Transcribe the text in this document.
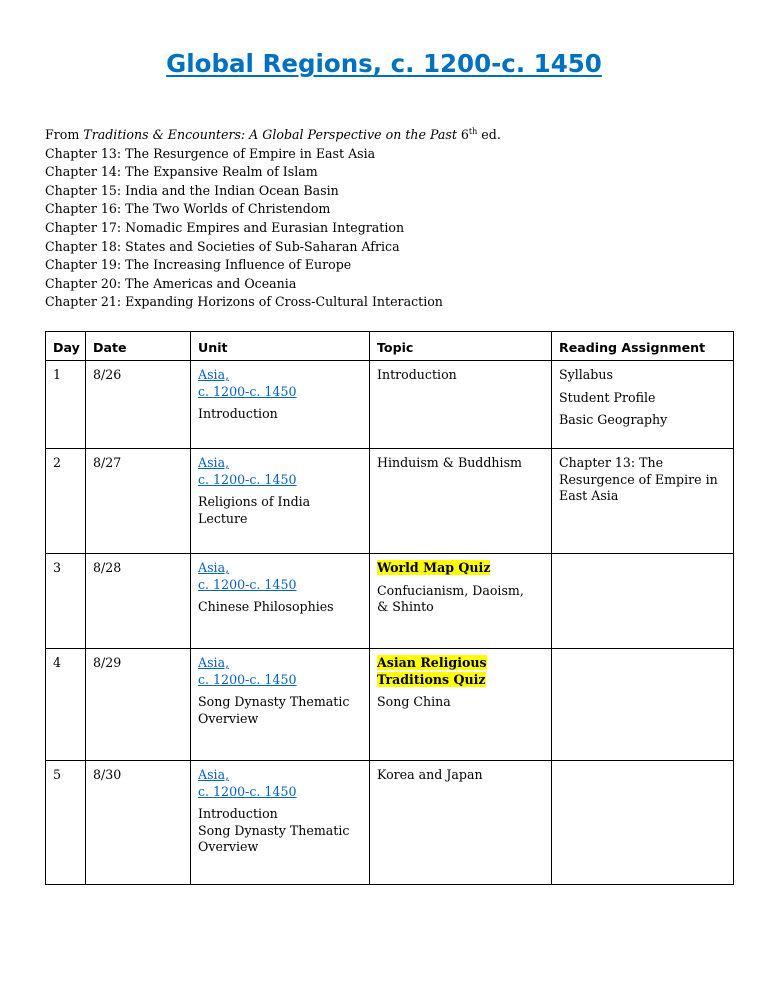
Global Regions, c. 1200-c. 1450
From Traditions & Encounters: A Global Perspective on the Past 6th ed.
Chapter 13: The Resurgence of Empire in East Asia
Chapter 14: The Expansive Realm of Islam
Chapter 15: India and the Indian Ocean Basin
Chapter 16: The Two Worlds of Christendom
Chapter 17: Nomadic Empires and Eurasian Integration
Chapter 18: States and Societies of Sub-Saharan Africa
Chapter 19: The Increasing Influence of Europe
Chapter 20: The Americas and Oceania
Chapter 21: Expanding Horizons of Cross-Cultural Interaction
Day	Date	Unit	Topic	Reading Assignment
1	8/26	Asia,
c. 1200-c. 1450
Introduction	Introduction	Syllabus
Student Profile
Basic Geography

2	8/27	Asia,
c. 1200-c. 1450
Religions of India
Lecture	Hinduism & Buddhism	Chapter 13: The
Resurgence of Empire in
East Asia

3	8/28	Asia,
c. 1200-c. 1450
Chinese Philosophies	World Map Quiz
Confucianism, Daoism,
& Shinto	

4	8/29	Asia,
c. 1200-c. 1450
Song Dynasty Thematic
Overview	Asian Religious
Traditions Quiz
Song China	

5	8/30	Asia,
c. 1200-c. 1450
Introduction
Song Dynasty Thematic
Overview	Korea and Japan	
